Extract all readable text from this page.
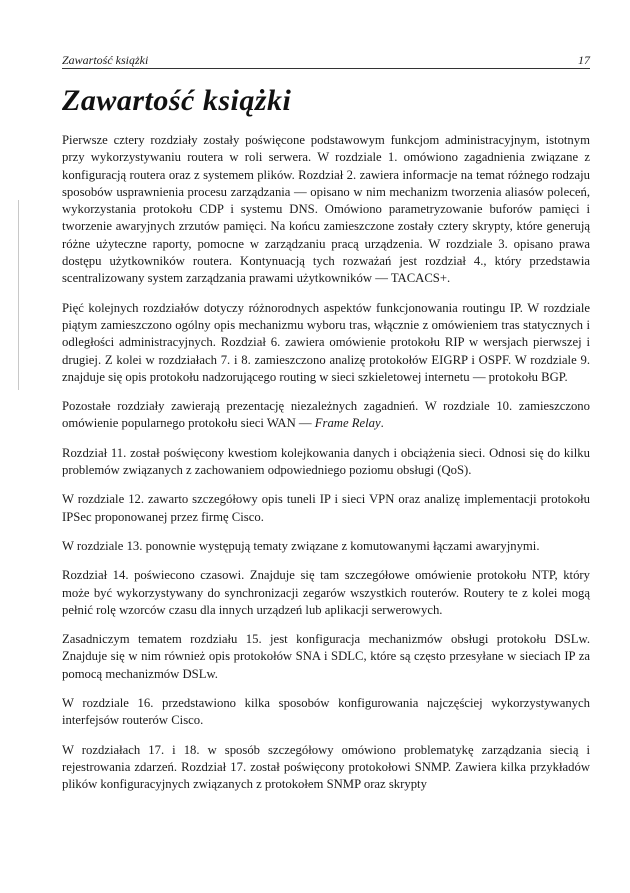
Zawartość książki	17
Zawartość książki

Pierwsze cztery rozdziały zostały poświęcone podstawowym funkcjom administracyjnym, istotnym przy wykorzystywaniu routera w roli serwera. W rozdziale 1. omówiono zagadnienia związane z konfiguracją routera oraz z systemem plików. Rozdział 2. zawiera informacje na temat różnego rodzaju sposobów usprawnienia procesu zarządzania — opisano w nim mechanizm tworzenia aliasów poleceń, wykorzystania protokołu CDP i systemu DNS. Omówiono parametryzowanie buforów pamięci i tworzenie awaryjnych zrzutów pamięci. Na końcu zamieszczone zostały cztery skrypty, które generują różne użyteczne raporty, pomocne w zarządzaniu pracą urządzenia. W rozdziale 3. opisano prawa dostępu użytkowników routera. Kontynuacją tych rozważań jest rozdział 4., który przedstawia scentralizowany system zarządzania prawami użytkowników — TACACS+.

Pięć kolejnych rozdziałów dotyczy różnorodnych aspektów funkcjonowania routingu IP. W rozdziale piątym zamieszczono ogólny opis mechanizmu wyboru tras, włącznie z omówieniem tras statycznych i odległości administracyjnych. Rozdział 6. zawiera omówienie protokołu RIP w wersjach pierwszej i drugiej. Z kolei w rozdziałach 7. i 8. zamieszczono analizę protokołów EIGRP i OSPF. W rozdziale 9. znajduje się opis protokołu nadzorującego routing w sieci szkieletowej internetu — protokołu BGP.

Pozostałe rozdziały zawierają prezentację niezależnych zagadnień. W rozdziale 10. zamieszczono omówienie popularnego protokołu sieci WAN — Frame Relay.

Rozdział 11. został poświęcony kwestiom kolejkowania danych i obciążenia sieci. Odnosi się do kilku problemów związanych z zachowaniem odpowiedniego poziomu obsługi (QoS).

W rozdziale 12. zawarto szczegółowy opis tuneli IP i sieci VPN oraz analizę implementacji protokołu IPSec proponowanej przez firmę Cisco.

W rozdziale 13. ponownie występują tematy związane z komutowanymi łączami awaryjnymi.

Rozdział 14. poświecono czasowi. Znajduje się tam szczegółowe omówienie protokołu NTP, który może być wykorzystywany do synchronizacji zegarów wszystkich routerów. Routery te z kolei mogą pełnić rolę wzorców czasu dla innych urządzeń lub aplikacji serwerowych.

Zasadniczym tematem rozdziału 15. jest konfiguracja mechanizmów obsługi protokołu DSLw. Znajduje się w nim również opis protokołów SNA i SDLC, które są często przesyłane w sieciach IP za pomocą mechanizmów DSLw.

W rozdziale 16. przedstawiono kilka sposobów konfigurowania najczęściej wykorzystywanych interfejsów routerów Cisco.

W rozdziałach 17. i 18. w sposób szczegółowy omówiono problematykę zarządzania siecią i rejestrowania zdarzeń. Rozdział 17. został poświęcony protokołowi SNMP. Zawiera kilka przykładów plików konfiguracyjnych związanych z protokołem SNMP oraz skrypty
